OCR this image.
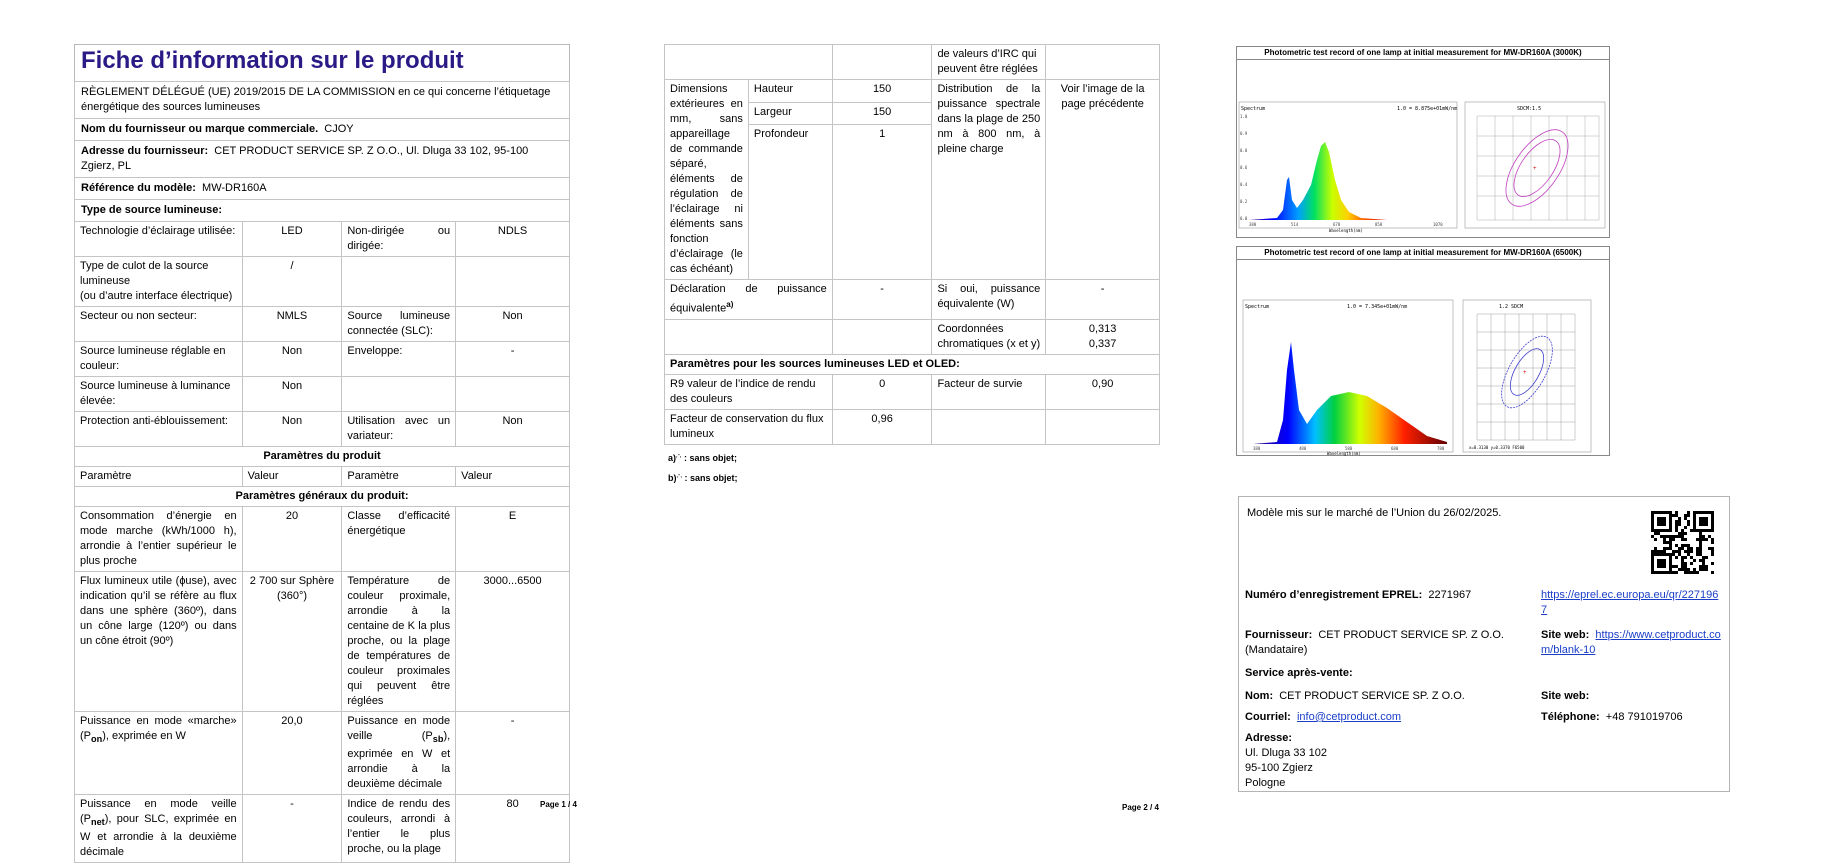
Fiche d’information sur le produit
RÈGLEMENT DÉLÉGUÉ (UE) 2019/2015 DE LA COMMISSION en ce qui concerne l’étiquetage énergétique des sources lumineuses			
Nom du fournisseur ou marque commerciale. CJOY			
Adresse du fournisseur: CET PRODUCT SERVICE SP. Z O.O., Ul. Dluga 33 102, 95-100 Zgierz, PL			
Référence du modèle: MW-DR160A			
Type de source lumineuse:			
Technologie d’éclairage utilisée:	LED	Non-dirigée ou dirigée:	NDLS

Type de culot de la source lumineuse
(ou d’autre interface électrique)	/		
Secteur ou non secteur:	NMLS	Source lumineuse connectée (SLC):	Non
Source lumineuse réglable en couleur:	Non	Enveloppe:	-
Source lumineuse à luminance élevée:	Non		
Protection anti-éblouissement:	Non	Utilisation avec un variateur:	Non
Paramètres du produit			
Paramètre	Valeur	Paramètre	Valeur
Paramètres généraux du produit:			
Consommation d’énergie en mode marche (kWh/1000 h), arrondie à l’entier supérieur le plus proche	20	Classe d’efficacité énergétique	E
Flux lumineux utile (ɸuse), avec indication qu’il se réfère au flux dans une sphère (360º), dans un cône large (120º) ou dans un cône étroit (90º)	2 700 sur Sphère (360°)	Température de couleur proximale, arrondie à la centaine de K la plus proche, ou la plage de températures de couleur proximales qui peuvent être réglées	3000...6500
Puissance en mode «marche» $(P_{on})$, exprimée en W	20,0	Puissance en mode veille $(P_{sb})$, exprimée en W et arrondie à la deuxième décimale	-
Puissance en mode veille $(P_{net})$, pour SLC, exprimée en W et arrondie à la deuxième décimale	-	Indice de rendu des couleurs, arrondi à l’entier le plus proche, ou la plage	80	Page 1 / 4
			de valeurs d’IRC qui peuvent être réglées	
Dimensions extérieures en mm, sans appareillage de commande séparé, éléments de régulation de l’éclairage ni éléments sans fonction d’éclairage (le cas échéant)	Hauteur	150	Distribution de la puissance spectrale dans la plage de 250 nm à 800 nm, à pleine charge	Voir l’image de la page précédente
	Largeur	150		
	Profondeur	1		
Déclaration de puissance équivalente$^{a)}$		-	Si oui, puissance équivalente (W)	-
			Coordonnées chromatiques (x et y)	0,313
0,337

Paramètres pour les sources lumineuses LED et OLED:				
R9 valeur de l’indice de rendu des couleurs		0	Facteur de survie	0,90
Facteur de conservation du flux lumineux		0,96		
a)‚-‚ : sans objet;
b)‚-‚ : sans objet;
Page 2 / 4
Photometric test record of one lamp at initial measurement for MW-DR160A (3000K)
Spectrum	1.0 = 8.875e+01mW/nm
1.0
0.9
0.8
0.6
0.4
0.2
0.0
380	514	678	858	1070
Wavelength(nm)
SDCM:1.5
+
Photometric test record of one lamp at initial measurement for MW-DR160A (6500K)
Spectrum	1.0 = 7.345e+01mW/nm
380	480	580	680	780
Wavelength(nm)
1.2 SDCM
+
x=0.3130 y=0.3370 F6500
Modèle mis sur le marché de l’Union du 26/02/2025.
Numéro d’enregistrement EPREL: 2271967	https://eprel.ec.europa.eu/qr/2271967

Fournisseur: CET PRODUCT SERVICE SP. Z O.O. (Mandataire)	Site web: https://www.cetproduct.com/blank-10

Service après-vente:	

Nom: CET PRODUCT SERVICE SP. Z O.O.	Site web:

Courriel: info@cetproduct.com	Téléphone: +48 791019706

Adresse:
Ul. Dluga 33 102
95-100 Zgierz
Pologne	
